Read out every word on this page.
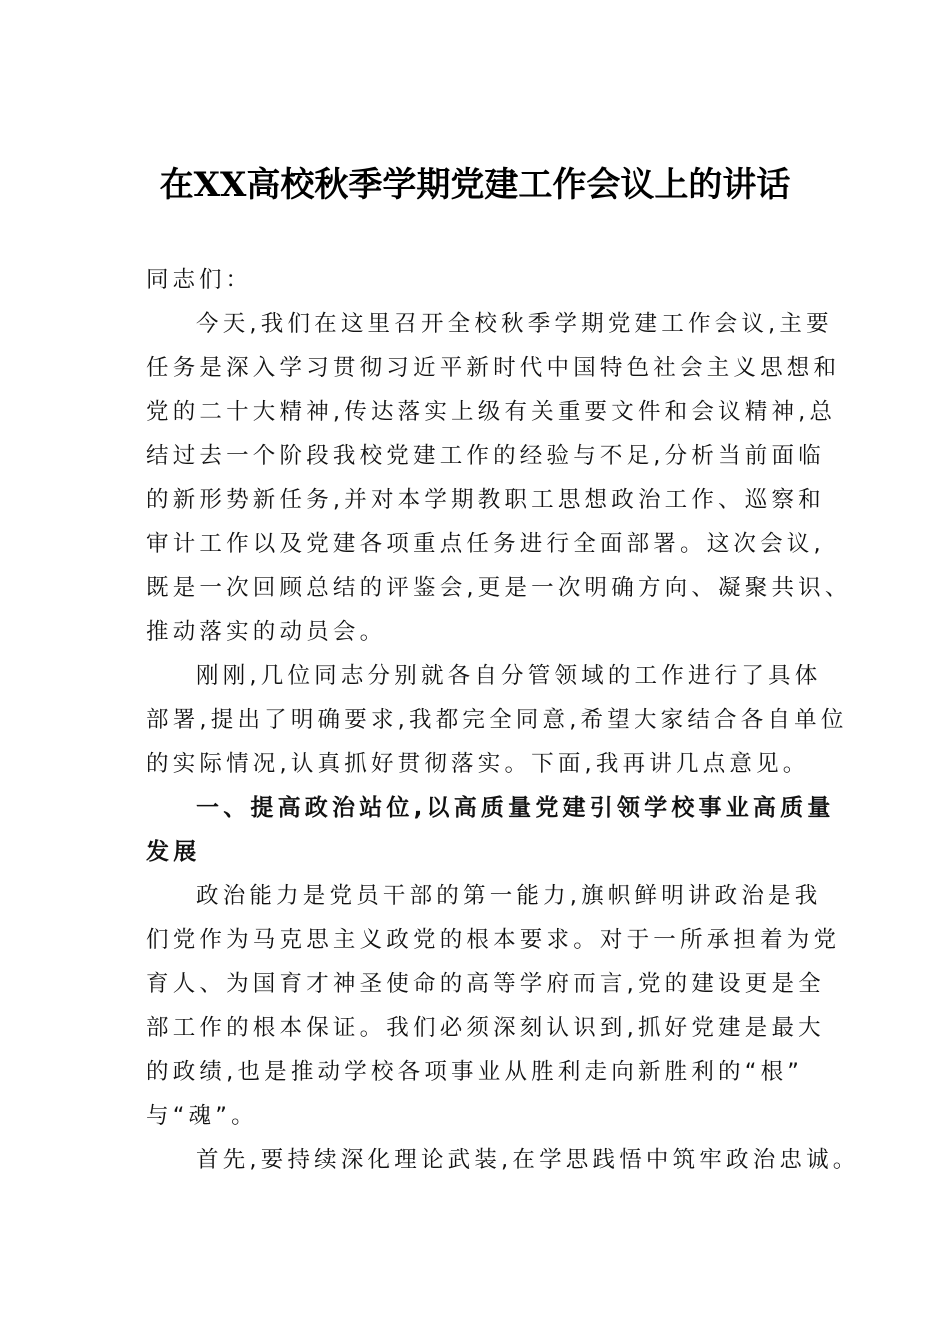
在XX高校秋季学期党建工作会议上的讲话
同志们：
今天,我们在这里召开全校秋季学期党建工作会议,主要
任务是深入学习贯彻习近平新时代中国特色社会主义思想和
党的二十大精神,传达落实上级有关重要文件和会议精神,总
结过去一个阶段我校党建工作的经验与不足,分析当前面临
的新形势新任务,并对本学期教职工思想政治工作、巡察和
审计工作以及党建各项重点任务进行全面部署。这次会议,
既是一次回顾总结的评鉴会,更是一次明确方向、凝聚共识、
推动落实的动员会。
刚刚,几位同志分别就各自分管领域的工作进行了具体
部署,提出了明确要求,我都完全同意,希望大家结合各自单位
的实际情况,认真抓好贯彻落实。下面,我再讲几点意见。
一、提高政治站位,以高质量党建引领学校事业高质量
发展
政治能力是党员干部的第一能力,旗帜鲜明讲政治是我
们党作为马克思主义政党的根本要求。对于一所承担着为党
育人、为国育才神圣使命的高等学府而言,党的建设更是全
部工作的根本保证。我们必须深刻认识到,抓好党建是最大
的政绩,也是推动学校各项事业从胜利走向新胜利的“根”
与“魂”。
首先,要持续深化理论武装,在学思践悟中筑牢政治忠诚。
